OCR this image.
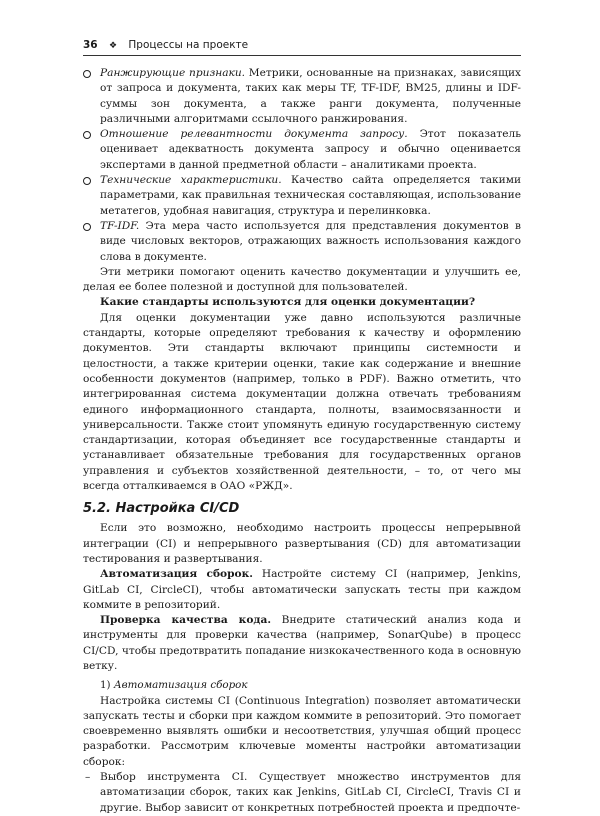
36 ❖ Процессы на проекте
Ранжирующие признаки. Метрики, основанные на признаках, зависящих от запроса и документа, таких как меры TF, TF-IDF, BM25, длины и IDF-суммы зон документа, а также ранги документа, полученные различными алгоритмами ссылочного ранжирования.
Отношение релевантности документа запросу. Этот показатель оценивает адекватность документа запросу и обычно оценивается экспертами в данной предметной области – аналитиками проекта.
Технические характеристики. Качество сайта определяется такими параметрами, как правильная техническая составляющая, использование метатегов, удобная навигация, структура и перелинковка.
TF-IDF. Эта мера часто используется для представления документов в виде числовых векторов, отражающих важность использования каждого слова в документе.

Эти метрики помогают оценить качество документации и улучшить ее, делая ее более полезной и доступной для пользователей.

Какие стандарты используются для оценки документации?

Для оценки документации уже давно используются различные стандарты, которые определяют требования к качеству и оформлению документов. Эти стандарты включают принципы системности и целостности, а также критерии оценки, такие как содержание и внешние особенности документов (например, только в PDF). Важно отметить, что интегрированная система документации должна отвечать требованиям единого информационного стандарта, полноты, взаимосвязанности и универсальности. Также стоит упомянуть единую государственную систему стандартизации, которая объединяет все государственные стандарты и устанавливает обязательные требования для государственных органов управления и субъектов хозяйственной деятельности, – то, от чего мы всегда отталкиваемся в ОАО «РЖД».

5.2. Настройка CI/CD

Если это возможно, необходимо настроить процессы непрерывной интеграции (CI) и непрерывного развертывания (CD) для автоматизации тестирования и развертывания.

Автоматизация сборок. Настройте систему CI (например, Jenkins, GitLab CI, CircleCI), чтобы автоматически запускать тесты при каждом коммите в репозиторий.

Проверка качества кода. Внедрите статический анализ кода и инструменты для проверки качества (например, SonarQube) в процесс CI/CD, чтобы предотвратить попадание низкокачественного кода в основную ветку.

1) Автоматизация сборок

Настройка системы CI (Continuous Integration) позволяет автоматически запускать тесты и сборки при каждом коммите в репозиторий. Это помогает своевременно выявлять ошибки и несоответствия, улучшая общий процесс разработки. Рассмотрим ключевые моменты настройки автоматизации сборок:

– Выбор инструмента CI. Существует множество инструментов для автоматизации сборок, таких как Jenkins, GitLab CI, CircleCI, Travis CI и другие. Выбор зависит от конкретных потребностей проекта и предпочте-
